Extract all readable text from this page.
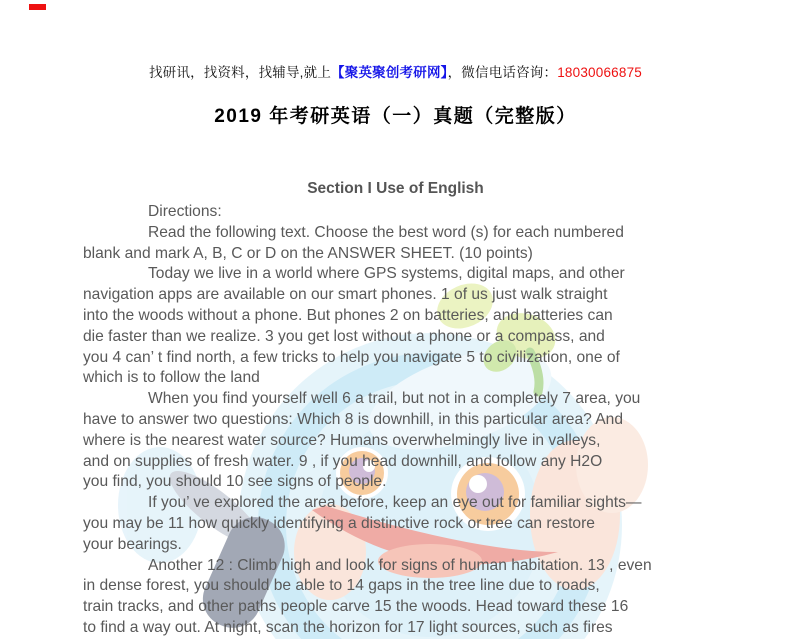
找研讯，找资料，找辅导,就上【聚英聚创考研网】，微信电话咨询：18030066875
2019 年考研英语（一）真题（完整版）
Section I Use of English
Directions:
Read the following text. Choose the best word (s) for each numbered
blank and mark A, B, C or D on the ANSWER SHEET. (10 points)
Today we live in a world where GPS systems, digital maps, and other
navigation apps are available on our smart phones. 1 of us just walk straight
into the woods without a phone. But phones 2 on batteries, and batteries can
die faster than we realize. 3 you get lost without a phone or a compass, and
you 4 can’ t find north, a few tricks to help you navigate 5 to civilization, one of
which is to follow the land
When you find yourself well 6 a trail, but not in a completely 7 area, you
have to answer two questions: Which 8 is downhill, in this particular area? And
where is the nearest water source? Humans overwhelmingly live in valleys,
and on supplies of fresh water. 9 , if you head downhill, and follow any H2O
you find, you should 10 see signs of people.
If you’ ve explored the area before, keep an eye out for familiar sights—
you may be 11 how quickly identifying a distinctive rock or tree can restore
your bearings.
Another 12 : Climb high and look for signs of human habitation. 13 , even
in dense forest, you should be able to 14 gaps in the tree line due to roads,
train tracks, and other paths people carve 15 the woods. Head toward these 16
to find a way out. At night, scan the horizon for 17 light sources, such as fires
